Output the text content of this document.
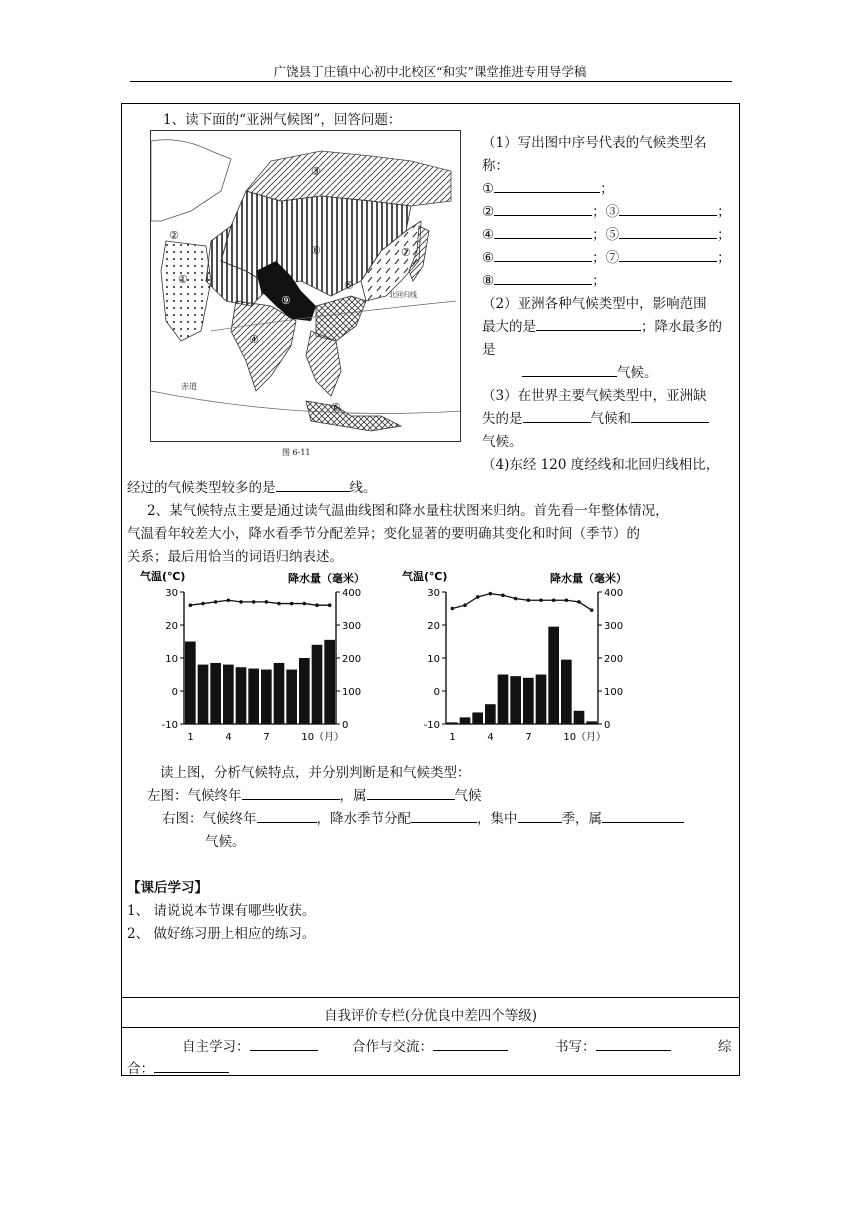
广饶县丁庄镇中心初中北校区“和实”课堂推进专用导学稿
1、读下面的“亚洲气候图”，回答问题：
北回归线
赤道
①
②
③
④
⑤
⑥
⑦
⑧
⑨
图 6-11
（1）写出图中序号代表的气候类型名
称：
①	；
②	；③	；
④	；⑤	；
⑥	；⑦	；
⑧	；
（2）亚洲各种气候类型中，影响范围
最大的是	；降水最多的
是
气候。
（3）在世界主要气候类型中，亚洲缺
失的是	气候和
气候。
（4)东经 120 度经线和北回归线相比，
经过的气候类型较多的是	线。
2、某气候特点主要是通过读气温曲线图和降水量柱状图来归纳。首先看一年整体情况，
气温看年较差大小，降水看季节分配差异；变化显著的要明确其变化和时间（季节）的
关系；最后用恰当的词语归纳表述。
气温(℃)	降水量（毫米）
30
20
10
0
-10
400
300
200
100
0
1	4	7	10（月）
气温(℃)	降水量（毫米）
30
20
10
0
-10
400
300
200
100
0
1	4	7	10（月）
读上图，分析气候特点，并分别判断是和气候类型：
左图：气候终年	，属	气候
右图：气候终年	，降水季节分配	，集中	季，属
气候。
【课后学习】
1、 请说说本节课有哪些收获。
2、 做好练习册上相应的练习。
自我评价专栏(分优良中差四个等级)
自主学习：	合作与交流：	书写：	综
合：
